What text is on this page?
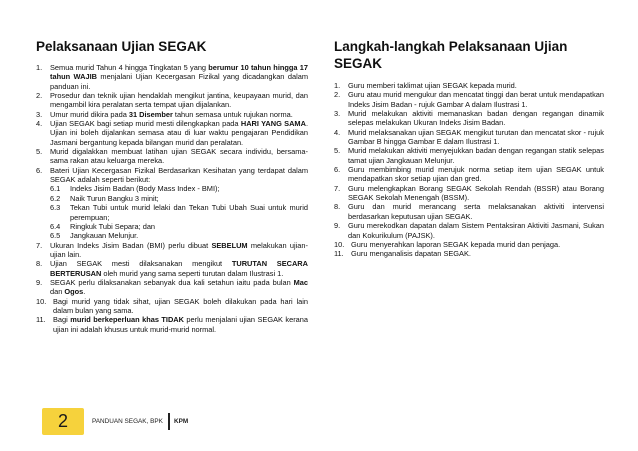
Pelaksanaan Ujian SEGAK
1. Semua murid Tahun 4 hingga Tingkatan 5 yang berumur 10 tahun hingga 17 tahun WAJIB menjalani Ujian Kecergasan Fizikal yang dicadangkan dalam panduan ini.
2. Prosedur dan teknik ujian hendaklah mengikut jantina, keupayaan murid, dan mengambil kira peralatan serta tempat ujian dijalankan.
3. Umur murid dikira pada 31 Disember tahun semasa untuk rujukan norma.
4. Ujian SEGAK bagi setiap murid mesti dilengkapkan pada HARI YANG SAMA. Ujian ini boleh dijalankan semasa atau di luar waktu pengajaran Pendidikan Jasmani bergantung kepada bilangan murid dan peralatan.
5. Murid digalakkan membuat latihan ujian SEGAK secara individu, bersama-sama rakan atau keluarga mereka.
6. Bateri Ujian Kecergasan Fizikal Berdasarkan Kesihatan yang terdapat dalam SEGAK adalah seperti berikut:
6.1 Indeks Jisim Badan (Body Mass Index - BMI);
6.2 Naik Turun Bangku 3 minit;
6.3 Tekan Tubi untuk murid lelaki dan Tekan Tubi Ubah Suai untuk murid perempuan;
6.4 Ringkuk Tubi Separa; dan
6.5 Jangkauan Melunjur.
7. Ukuran Indeks Jisim Badan (BMI) perlu dibuat SEBELUM melakukan ujian-ujian lain.
8. Ujian SEGAK mesti dilaksanakan mengikut TURUTAN SECARA BERTERUSAN oleh murid yang sama seperti turutan dalam Ilustrasi 1.
9. SEGAK perlu dilaksanakan sebanyak dua kali setahun iaitu pada bulan Mac dan Ogos.
10. Bagi murid yang tidak sihat, ujian SEGAK boleh dilakukan pada hari lain dalam bulan yang sama.
11. Bagi murid berkeperluan khas TIDAK perlu menjalani ujian SEGAK kerana ujian ini adalah khusus untuk murid-murid normal.
Langkah-langkah Pelaksanaan Ujian SEGAK
1. Guru memberi taklimat ujian SEGAK kepada murid.
2. Guru atau murid mengukur dan mencatat tinggi dan berat untuk mendapatkan Indeks Jisim Badan - rujuk Gambar A dalam Ilustrasi 1.
3. Murid melakukan aktiviti memanaskan badan dengan regangan dinamik selepas melakukan Ukuran Indeks Jisim Badan.
4. Murid melaksanakan ujian SEGAK mengikut turutan dan mencatat skor - rujuk Gambar B hingga Gambar E dalam Ilustrasi 1.
5. Murid melakukan aktiviti menyejukkan badan dengan regangan statik selepas tamat ujian Jangkauan Melunjur.
6. Guru membimbing murid merujuk norma setiap item ujian SEGAK untuk mendapatkan skor setiap ujian dan gred.
7. Guru melengkapkan Borang SEGAK Sekolah Rendah (BSSR) atau Borang SEGAK Sekolah Menengah (BSSM).
8. Guru dan murid merancang serta melaksanakan aktiviti intervensi berdasarkan keputusan ujian SEGAK.
9. Guru merekodkan dapatan dalam Sistem Pentaksiran Aktiviti Jasmani, Sukan dan Kokurikulum (PAJSK).
10. Guru menyerahkan laporan SEGAK kepada murid dan penjaga.
11. Guru menganalisis dapatan SEGAK.
2	PANDUAN SEGAK, BPK KPM
